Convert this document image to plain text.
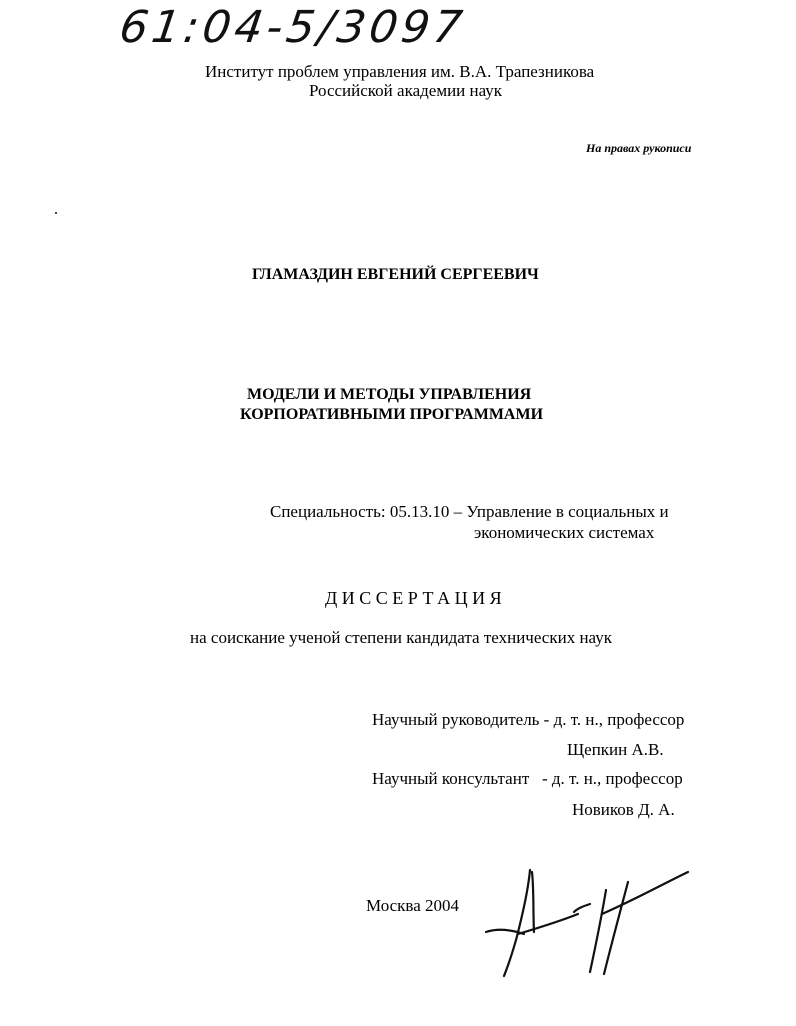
61:04-5/3097
Институт проблем управления им. В.А. Трапезникова
Российской академии наук
На правах рукописи
ГЛАМАЗДИН ЕВГЕНИЙ СЕРГЕЕВИЧ
МОДЕЛИ И МЕТОДЫ УПРАВЛЕНИЯ
КОРПОРАТИВНЫМИ ПРОГРАММАМИ
Специальность: 05.13.10 – Управление в социальных и
экономических системах
ДИССЕРТАЦИЯ
на соискание ученой степени кандидата технических наук
Научный руководитель - д. т. н., профессор
Щепкин А.В.
Научный консультант   - д. т. н., профессор
Новиков Д. А.
Москва 2004
